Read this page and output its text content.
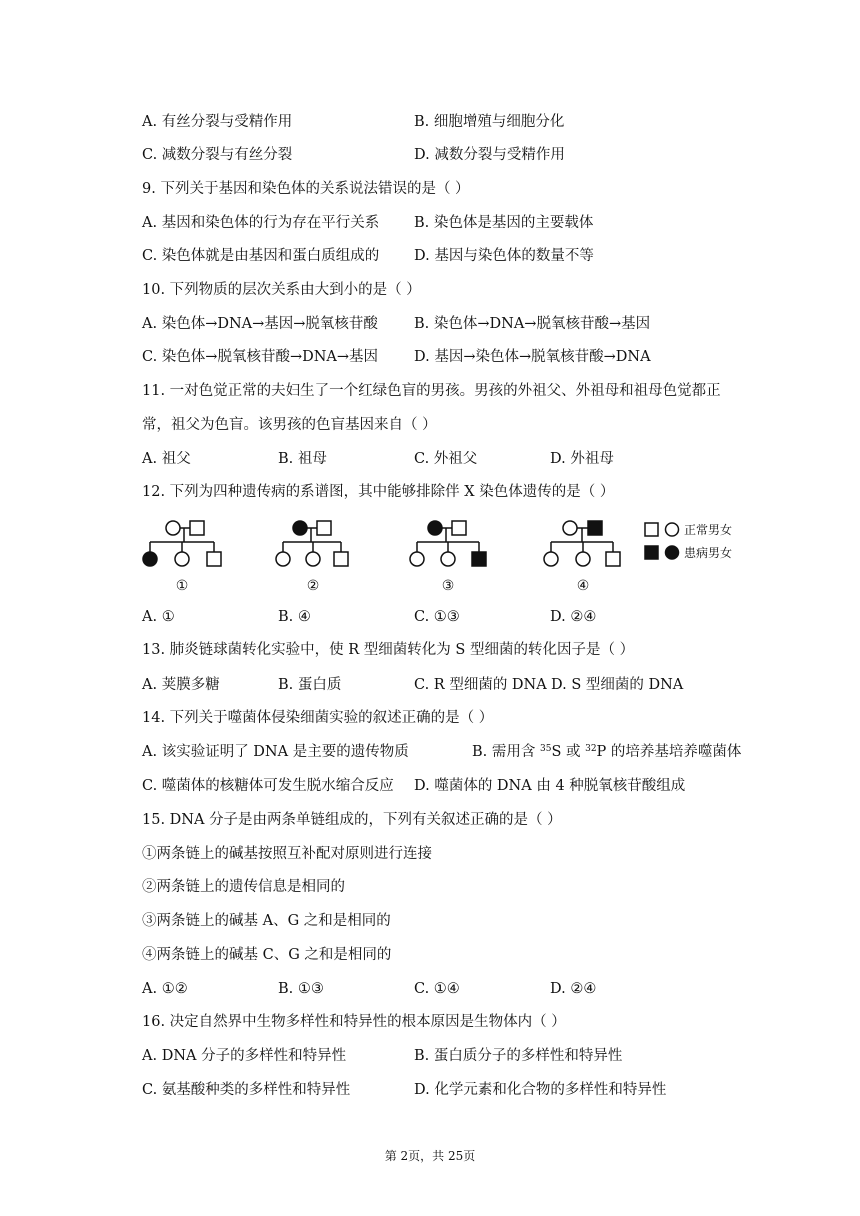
A. 有丝分裂与受精作用	B. 细胞增殖与细胞分化
C. 减数分裂与有丝分裂	D. 减数分裂与受精作用
9. 下列关于基因和染色体的关系说法错误的是（ ）
A. 基因和染色体的行为存在平行关系 B. 染色体是基因的主要载体
C. 染色体就是由基因和蛋白质组成的 D. 基因与染色体的数量不等
10. 下列物质的层次关系由大到小的是（ ）
A. 染色体→DNA→基因→脱氧核苷酸 B. 染色体→DNA→脱氧核苷酸→基因
C. 染色体→脱氧核苷酸→DNA→基因 D. 基因→染色体→脱氧核苷酸→DNA
11. 一对色觉正常的夫妇生了一个红绿色盲的男孩。男孩的外祖父、外祖母和祖母色觉都正
常，祖父为色盲。该男孩的色盲基因来自（ ）
A. 祖父	B. 祖母	C. 外祖父	D. 外祖母
12. 下列为四种遗传病的系谱图，其中能够排除伴 X 染色体遗传的是（ ）
正常男女
患病男女
①	②	③	④
A. ①	B. ④	C. ①③	D. ②④
13. 肺炎链球菌转化实验中，使 R 型细菌转化为 S 型细菌的转化因子是（ ）
A. 荚膜多糖	B. 蛋白质	C. R 型细菌的 DNA D. S 型细菌的 DNA
14. 下列关于噬菌体侵染细菌实验的叙述正确的是（ ）
A. 该实验证明了 DNA 是主要的遗传物质	B. 需用含 $^{35}$S 或 $^{32}$P 的培养基培养噬菌体
C. 噬菌体的核糖体可发生脱水缩合反应 D. 噬菌体的 DNA 由 4 种脱氧核苷酸组成
15. DNA 分子是由两条单链组成的，下列有关叙述正确的是（ ）
①两条链上的碱基按照互补配对原则进行连接
②两条链上的遗传信息是相同的
③两条链上的碱基 A、G 之和是相同的
④两条链上的碱基 C、G 之和是相同的
A. ①②	B. ①③	C. ①④	D. ②④
16. 决定自然界中生物多样性和特异性的根本原因是生物体内（ ）
A. DNA 分子的多样性和特异性	B. 蛋白质分子的多样性和特异性
C. 氨基酸种类的多样性和特异性	D. 化学元素和化合物的多样性和特异性
第 2页，共 25页
